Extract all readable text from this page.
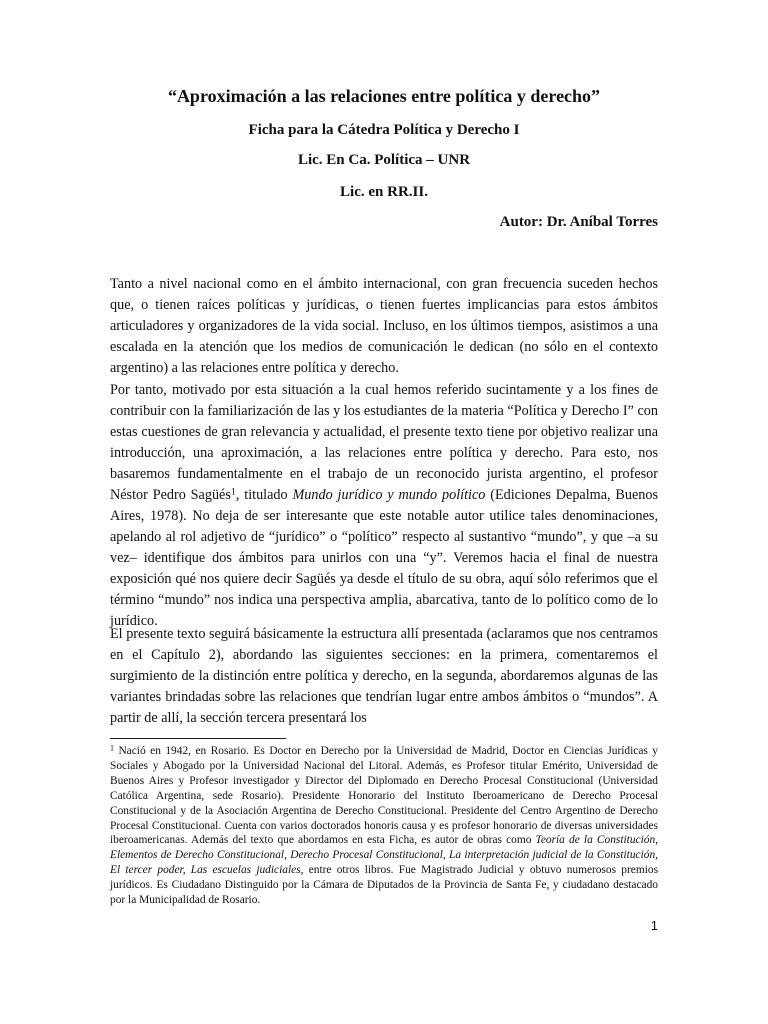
“Aproximación a las relaciones entre política y derecho”

Ficha para la Cátedra Política y Derecho I

Lic. En Ca. Política – UNR

Lic. en RR.II.

Autor: Dr. Aníbal Torres

Tanto a nivel nacional como en el ámbito internacional, con gran frecuencia suceden hechos que, o tienen raíces políticas y jurídicas, o tienen fuertes implicancias para estos ámbitos articuladores y organizadores de la vida social. Incluso, en los últimos tiempos, asistimos a una escalada en la atención que los medios de comunicación le dedican (no sólo en el contexto argentino) a las relaciones entre política y derecho.

Por tanto, motivado por esta situación a la cual hemos referido sucintamente y a los fines de contribuir con la familiarización de las y los estudiantes de la materia “Política y Derecho I” con estas cuestiones de gran relevancia y actualidad, el presente texto tiene por objetivo realizar una introducción, una aproximación, a las relaciones entre política y derecho. Para esto, nos basaremos fundamentalmente en el trabajo de un reconocido jurista argentino, el profesor Néstor Pedro Sagüés$^1$, titulado Mundo jurídico y mundo político (Ediciones Depalma, Buenos Aires, 1978). No deja de ser interesante que este notable autor utilice tales denominaciones, apelando al rol adjetivo de “jurídico” o “político” respecto al sustantivo “mundo”, y que –a su vez– identifique dos ámbitos para unirlos con una “y”. Veremos hacia el final de nuestra exposición qué nos quiere decir Sagüés ya desde el título de su obra, aquí sólo referimos que el término “mundo” nos indica una perspectiva amplia, abarcativa, tanto de lo político como de lo jurídico.

El presente texto seguirá básicamente la estructura allí presentada (aclaramos que nos centramos en el Capítulo 2), abordando las siguientes secciones: en la primera, comentaremos el surgimiento de la distinción entre política y derecho, en la segunda, abordaremos algunas de las variantes brindadas sobre las relaciones que tendrían lugar entre ambos ámbitos o “mundos”. A partir de allí, la sección tercera presentará los

$^1$ Nació en 1942, en Rosario. Es Doctor en Derecho por la Universidad de Madrid, Doctor en Ciencias Jurídicas y Sociales y Abogado por la Universidad Nacional del Litoral. Además, es Profesor titular Emérito, Universidad de Buenos Aires y Profesor investigador y Director del Diplomado en Derecho Procesal Constitucional (Universidad Católica Argentina, sede Rosario). Presidente Honorario del Instituto Iberoamericano de Derecho Procesal Constitucional y de la Asociación Argentina de Derecho Constitucional. Presidente del Centro Argentino de Derecho Procesal Constitucional. Cuenta con varios doctorados honoris causa y es profesor honorario de diversas universidades iberoamericanas. Además del texto que abordamos en esta Ficha, es autor de obras como Teoría de la Constitución, Elementos de Derecho Constitucional, Derecho Procesal Constitucional, La interpretación judicial de la Constitución, El tercer poder, Las escuelas judiciales, entre otros libros. Fue Magistrado Judicial y obtuvo numerosos premios jurídicos. Es Ciudadano Distinguido por la Cámara de Diputados de la Provincia de Santa Fe, y ciudadano destacado por la Municipalidad de Rosario.

1
